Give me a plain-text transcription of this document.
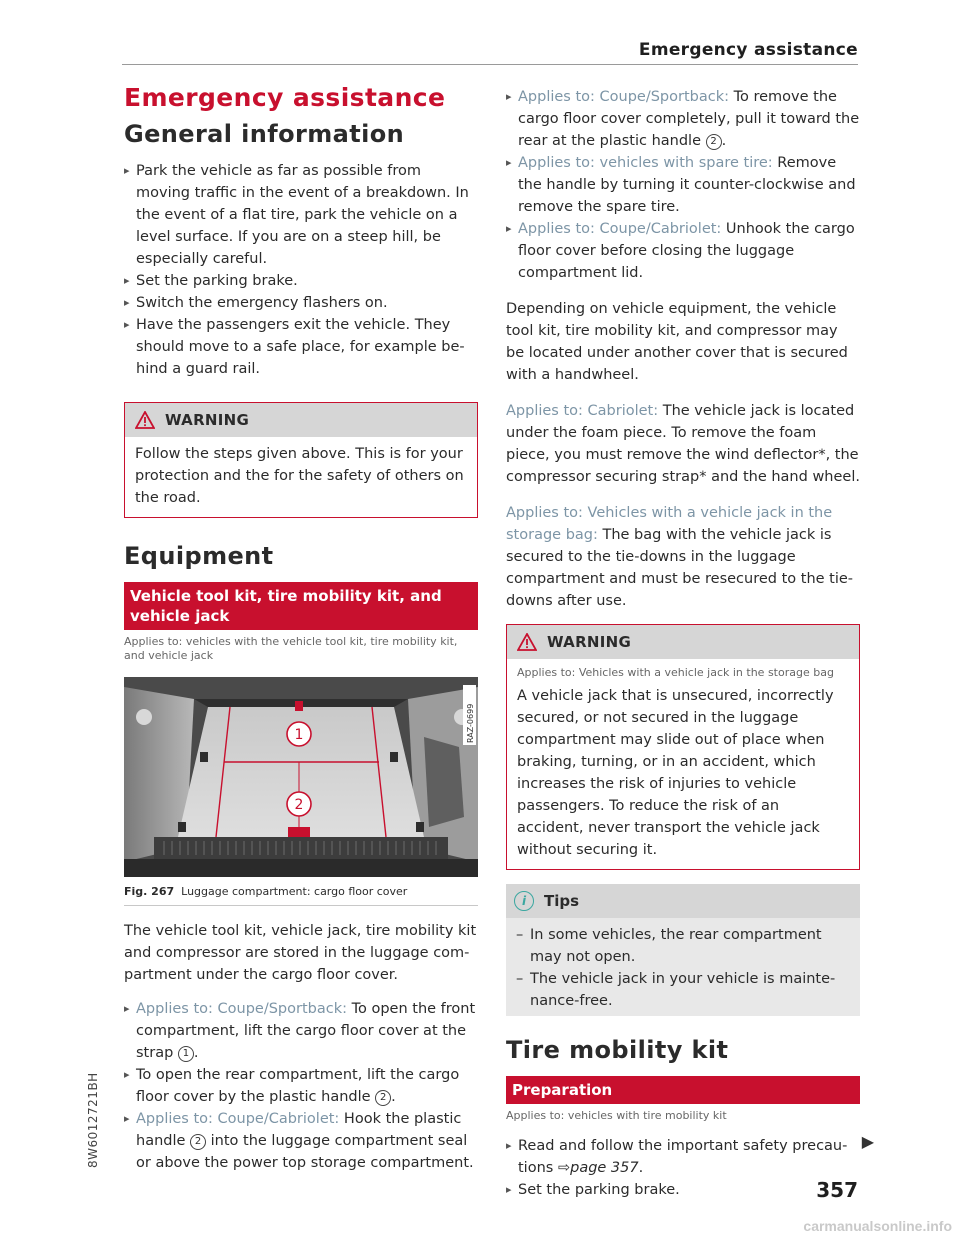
Emergency assistance
Emergency assistance
General information
▸ Park the vehicle as far as possible from moving traffic in the event of a breakdown. In the event of a flat tire, park the vehicle on a level surface. If you are on a steep hill, be especially careful.
▸ Set the parking brake.
▸ Switch the emergency flashers on.
▸ Have the passengers exit the vehicle. They should move to a safe place, for example behind a guard rail.
WARNING
Follow the steps given above. This is for your protection and the for the safety of others on the road.
Equipment
Vehicle tool kit, tire mobility kit, and vehicle jack
Applies to: vehicles with the vehicle tool kit, tire mobility kit, and vehicle jack
1
2
RAZ-0699
Fig. 267 Luggage compartment: cargo floor cover

The vehicle tool kit, vehicle jack, tire mobility kit and compressor are stored in the luggage compartment under the cargo floor cover.

▸ Applies to: Coupe/Sportback: To open the front compartment, lift the cargo floor cover at the strap 1 .
▸ To open the rear compartment, lift the cargo floor cover by the plastic handle 2 .
▸ Applies to: Coupe/Cabriolet: Hook the plastic handle 2 into the luggage compartment seal or above the power top storage compartment.
▸ Applies to: Coupe/Sportback: To remove the cargo floor cover completely, pull it toward the rear at the plastic handle 2 .
▸ Applies to: vehicles with spare tire: Remove the handle by turning it counter-clockwise and remove the spare tire.
▸ Applies to: Coupe/Cabriolet: Unhook the cargo floor cover before closing the luggage compartment lid.

Depending on vehicle equipment, the vehicle tool kit, tire mobility kit, and compressor may be located under another cover that is secured with a handwheel.

Applies to: Cabriolet: The vehicle jack is located under the foam piece. To remove the foam piece, you must remove the wind deflector*, the compressor securing strap* and the hand wheel.

Applies to: Vehicles with a vehicle jack in the storage bag: The bag with the vehicle jack is secured to the tie-downs in the luggage compartment and must be resecured to the tie-downs after use.

WARNING
Applies to: Vehicles with a vehicle jack in the storage bag
A vehicle jack that is unsecured, incorrectly secured, or not secured in the luggage compartment may slide out of place when braking, turning, or in an accident, which increases the risk of injuries to vehicle passengers. To reduce the risk of an accident, never transport the vehicle jack without securing it.
i	Tips
– In some vehicles, the rear compartment may not open.
– The vehicle jack in your vehicle is maintenance-free.
Tire mobility kit
Preparation
Applies to: vehicles with tire mobility kit
▸ Read and follow the important safety precautions ⇨page 357.
▸ Set the parking brake.
▶
357
8W6012721BH
carmanualsonline.info
